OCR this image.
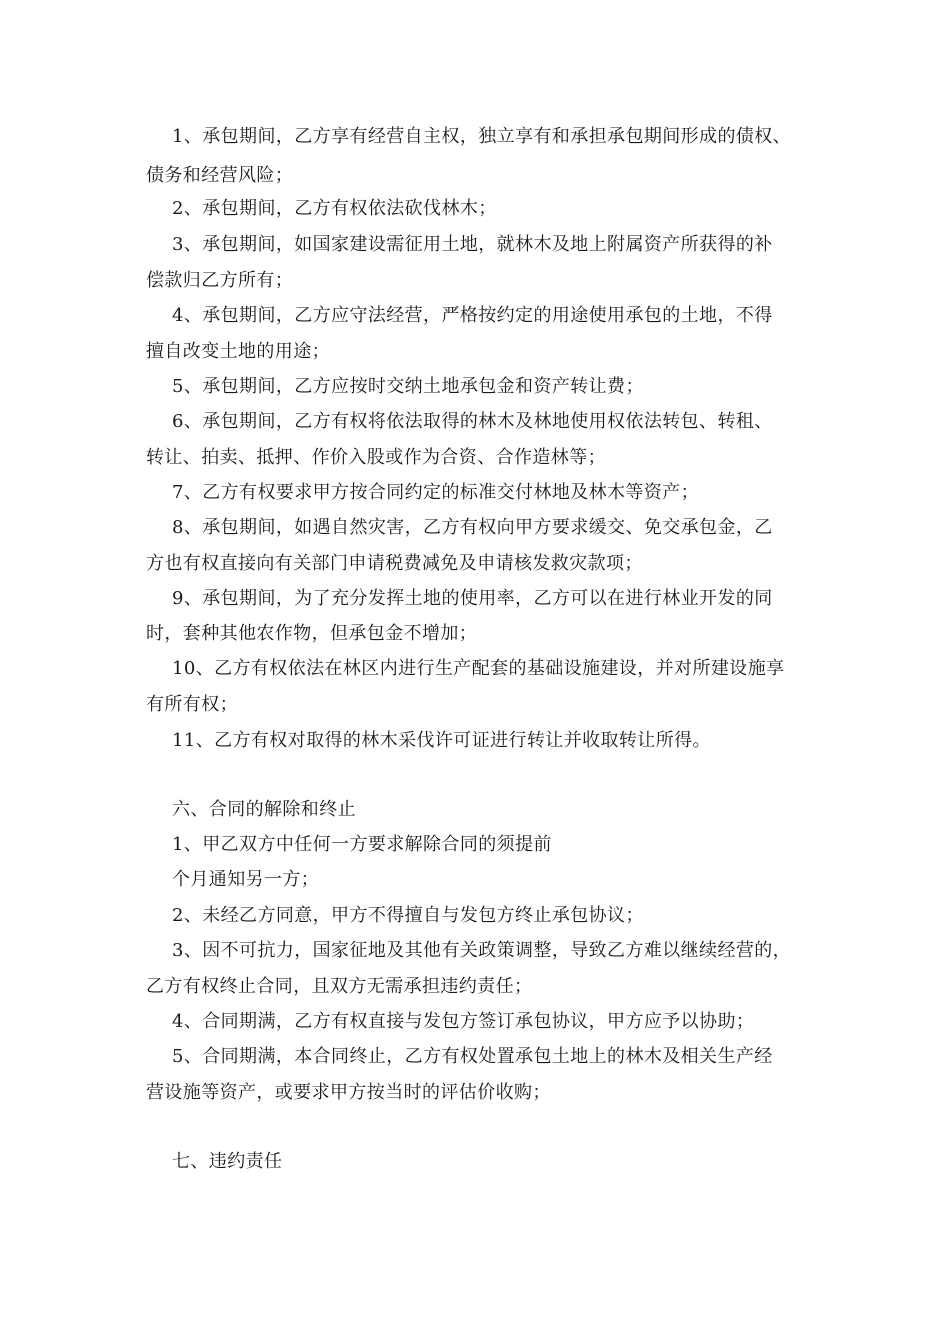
1、承包期间，乙方享有经营自主权，独立享有和承担承包期间形成的债权、
债务和经营风险；
2、承包期间，乙方有权依法砍伐林木；
3、承包期间，如国家建设需征用土地，就林木及地上附属资产所获得的补
偿款归乙方所有；
4、承包期间，乙方应守法经营，严格按约定的用途使用承包的土地，不得
擅自改变土地的用途；
5、承包期间，乙方应按时交纳土地承包金和资产转让费；
6、承包期间，乙方有权将依法取得的林木及林地使用权依法转包、转租、
转让、拍卖、抵押、作价入股或作为合资、合作造林等；
7、乙方有权要求甲方按合同约定的标准交付林地及林木等资产；
8、承包期间，如遇自然灾害，乙方有权向甲方要求缓交、免交承包金，乙
方也有权直接向有关部门申请税费减免及申请核发救灾款项；
9、承包期间，为了充分发挥土地的使用率，乙方可以在进行林业开发的同
时，套种其他农作物，但承包金不增加；
10、乙方有权依法在林区内进行生产配套的基础设施建设，并对所建设施享
有所有权；
11、乙方有权对取得的林木采伐许可证进行转让并收取转让所得。
六、合同的解除和终止
1、甲乙双方中任何一方要求解除合同的须提前
个月通知另一方；
2、未经乙方同意，甲方不得擅自与发包方终止承包协议；
3、因不可抗力，国家征地及其他有关政策调整，导致乙方难以继续经营的，
乙方有权终止合同，且双方无需承担违约责任；
4、合同期满，乙方有权直接与发包方签订承包协议，甲方应予以协助；
5、合同期满，本合同终止，乙方有权处置承包土地上的林木及相关生产经
营设施等资产，或要求甲方按当时的评估价收购；
七、违约责任
